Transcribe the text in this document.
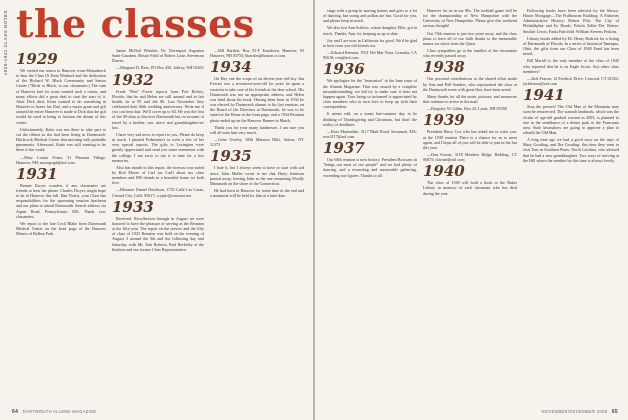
1929-1941 CLASS NOTES the classes
1929

We visited our return to Hanover from Monadnock to hear the Class Of Kent Winbrod and the dedication of the Richard W. Black Community and Senior Center ("Birds or Black, to our classmates.) The sum of Hanover had for years wanted such a center, and many efforts did a great deal to start the start of it. After Dick died, Kenn wanted to do something in Hanover to honor his Dad, and a major grant and gift around the entire Hanover is made to Dick that the gift would be used to bring to fruition the dream of this center.

Unfortunately, Katie was not there to take part or cut the ribbon as she had been living in Dartmouth-Hitchcock Medical Center that morning with probable pneumonia. Afterward, Katie was still wanting to be there if she could.

—Mary Louise Pratta, 31 Pleasant Village, Hanover, NH; moragraph@aol.com

1931

Bennet Dwyer wonders if any classmates are friends or hear the phone. Charles Dwyer, might hope to be in Hanover this fall. Dan Norris, your Class has responsibilities for the upcoming reunion luncheon and our plans to attend Dartmouth. Search address via Aspen Road, Pennsylvania, MA. Thank you, classmates.

We report to the late Cecil Blake from Dartmouth Medical Center on the front page of the Hanover Miners of Balboa Park.

James McNeil Whistler, Dr. Davenport Augustus Saint-Gaudens, Bessie Field of Robert Louis Stevenson Dawes.

—Margaret D. Rees, PO Box 456, Jaffrey, NH 03452

1932

Frank "Pete" Power reports from Port Richey, Florida, that he and Helen are still around and in fair health, he at 95 and she 86. Last November they celebrated their 66th wedding anniversary. Write me if you can hear that. We'll cover up to 84. He was the first of the 30-class to discover Dartmouth but on account of travel by a brother, son, niece and granddaughter-in-law.

I have very sad news to report to you. Please do keep in touch. I phoned Perlmutter's to write a few of her very special reports. The gifts to Lexington were greatly appreciated and send you some mementos with the college. I am sorry to say it is time for a few memories.

Also last month in this report, the forecast was stated by Bob Moore of Carl (as Carl) about my class members and 800 friends in a beautiful home we both love.

—Bloomer Daniel Davidson, 1735 Calle Las Casas, Central City, Calif. 95617; cryptic@comcast.net

1933

Received. Recollection through in August we were honored to have the pleasure of serving as the Reunion at the fifty-year. The report on the service and the fifty of class of 1933 Reunion was held on the evening of August 3 around the 5th and the following day and Saturday, with Mr. Tom Roberts, Paul Berkeley of the Institute and our former Class Representative.

—Bill Bartlett, Box 91-F Eastdown, Hanover, 93 Hanover, NH 03755; bbardon@boston.rr.com

1934

On Day one the scope of an eleven-year-old boy Jim Everett was a seventeen-year-old for years he spent a vacation to take care of his friends at the dear school. His Dartmouth was not an appropriate address, and Helen was kind about his book. Having been born in 1934 he was elected by Dartmouth alumni to his last reunion, on the Board of the Directors at Dartmouth, he was to be stated at the Home in the front page, and a 1934 Reunion photo ended up on the Hanover Banner in March.

Thank you for your many kindnesses. I am sure you will all miss him very much.

—Gene Overby, 1836 Marston Hills, Sutton, NY 11373

1935

I hate it, but I always seem to have to start with sad news. John Muller wrote to me that Harry Jennison passed away, leaving John as the one remaining Woolly Mammoth on the shore of the Connecticut.

He had been in Hanover for some time in the end and a memorial will be held for him at a later date.

64 DARTMOUTH ALUMNI MAGAZINE

sings with a group in nursing homes and goes to a lot of dancing, but swing and polkas are fun. Good for you, and please keep in touch.

We also lost Ann Schloss, whose daughter Ellie, got in touch. Thanks, Ann, for keeping us up to date.

Joy and I are now in California for good. We'd be glad to hear from you old friends too.

—Edward Remsen, 1931 Del Mar Vista, Grenada, CA 95018; rem@aol.com

1936

We apologize for the "truncation" in the June issue of the Alumni Magazine. That was caused by a complete misunderstanding; we did try to make sure it does not happen again. Your being so informed is appreciated by class members who in turn love to keep up with their correspondent.

It seems odd, on a warm late-summer day, to be thinking of Thanksgiving and Christmas, but that's the reality of deadlines.

—Ross Martindale, 3117 Bluff Road, Savannah, MA; ross3117@aol.com

1937

Our 68th reunion is now history. President Bon says in "brings out most of our people" and we had plenty of dancing, and a rewarding and memorable gathering, exceeding our figures. Thanks to all.

Hanover for us in our 80s. The football game will be for the championship of New Hampshire with the University of New Hampshire. Please give this weekend serious thought!

Our 70th reunion is just two years away, and the class plans to have all of our faith thanks to the memorable names we chose from the Quest.

Class sympathies go to the families of the classmates who recently passed away.

1938

Our personal contributions to the shared effort made by Ann and Bill Sanders, who represented the class at the Dartmouth event with great flair, have been noted.

Many thanks for all the notes, pictures, and memories that continue to arrive in the mail.

—Kingsley W. Gibbs, Box 43, Lyme, NH 03768

1939

President Harry Cox who has asked me to write you: at the 1939 reunion There is a chance for us to meet again, and I hope all of you will be able to join in the fun this year.

—Dan Swone, 3118 Meadow Ridge, Redding, CT 06875; clarinet@aol.com

1940

The class of 1940 will hold a book to the Baker Library in memory of each classmate who has died during the year.

Following books have been selected by the library: House Mortgage—The Fishbourne Building: A Fisheries Administrative History; Robert Fish; The City of Philadelphia and Its Roads; Edwin Zeller-The Waters: Sinclair Lewis; Paula Fairchild: William Stevens Perkins.

Library books added by Dr. Henry Rodrick for a listing of Dartmouth of Florida. In a series of historical Tamaqua, Ohio, the gifts from our Class of 1940 Fund has been noted.

Bill Merrill is the only member of the class of 1940 who reported that he is on Eagle Scout. Any other class members?

—Jack Fearon, 12 Fredrick Drive, Concord, CT 01022; jackfearon@aol.com

1941

Stop the presses! The Old Man of the Mountain may soon be resurrected. The warmth landmark, which was the victim of age-old gradual erosion in 2003, is planned to rise in the semblance of a theme park in the Franconia area. State lawmakers are going to approve a plan to rebuild the Old Man.

A long time ago we had a good story on the trips of Mary Gooding, and Ilse Gooding: this time they went to visit Tom in Southern Pines, North Carolina, who advised that he had a new granddaughter. Two ways of arriving at the Hill where the weather by this time is always lovely.

NOVEMBER/DECEMBER 2005 65
